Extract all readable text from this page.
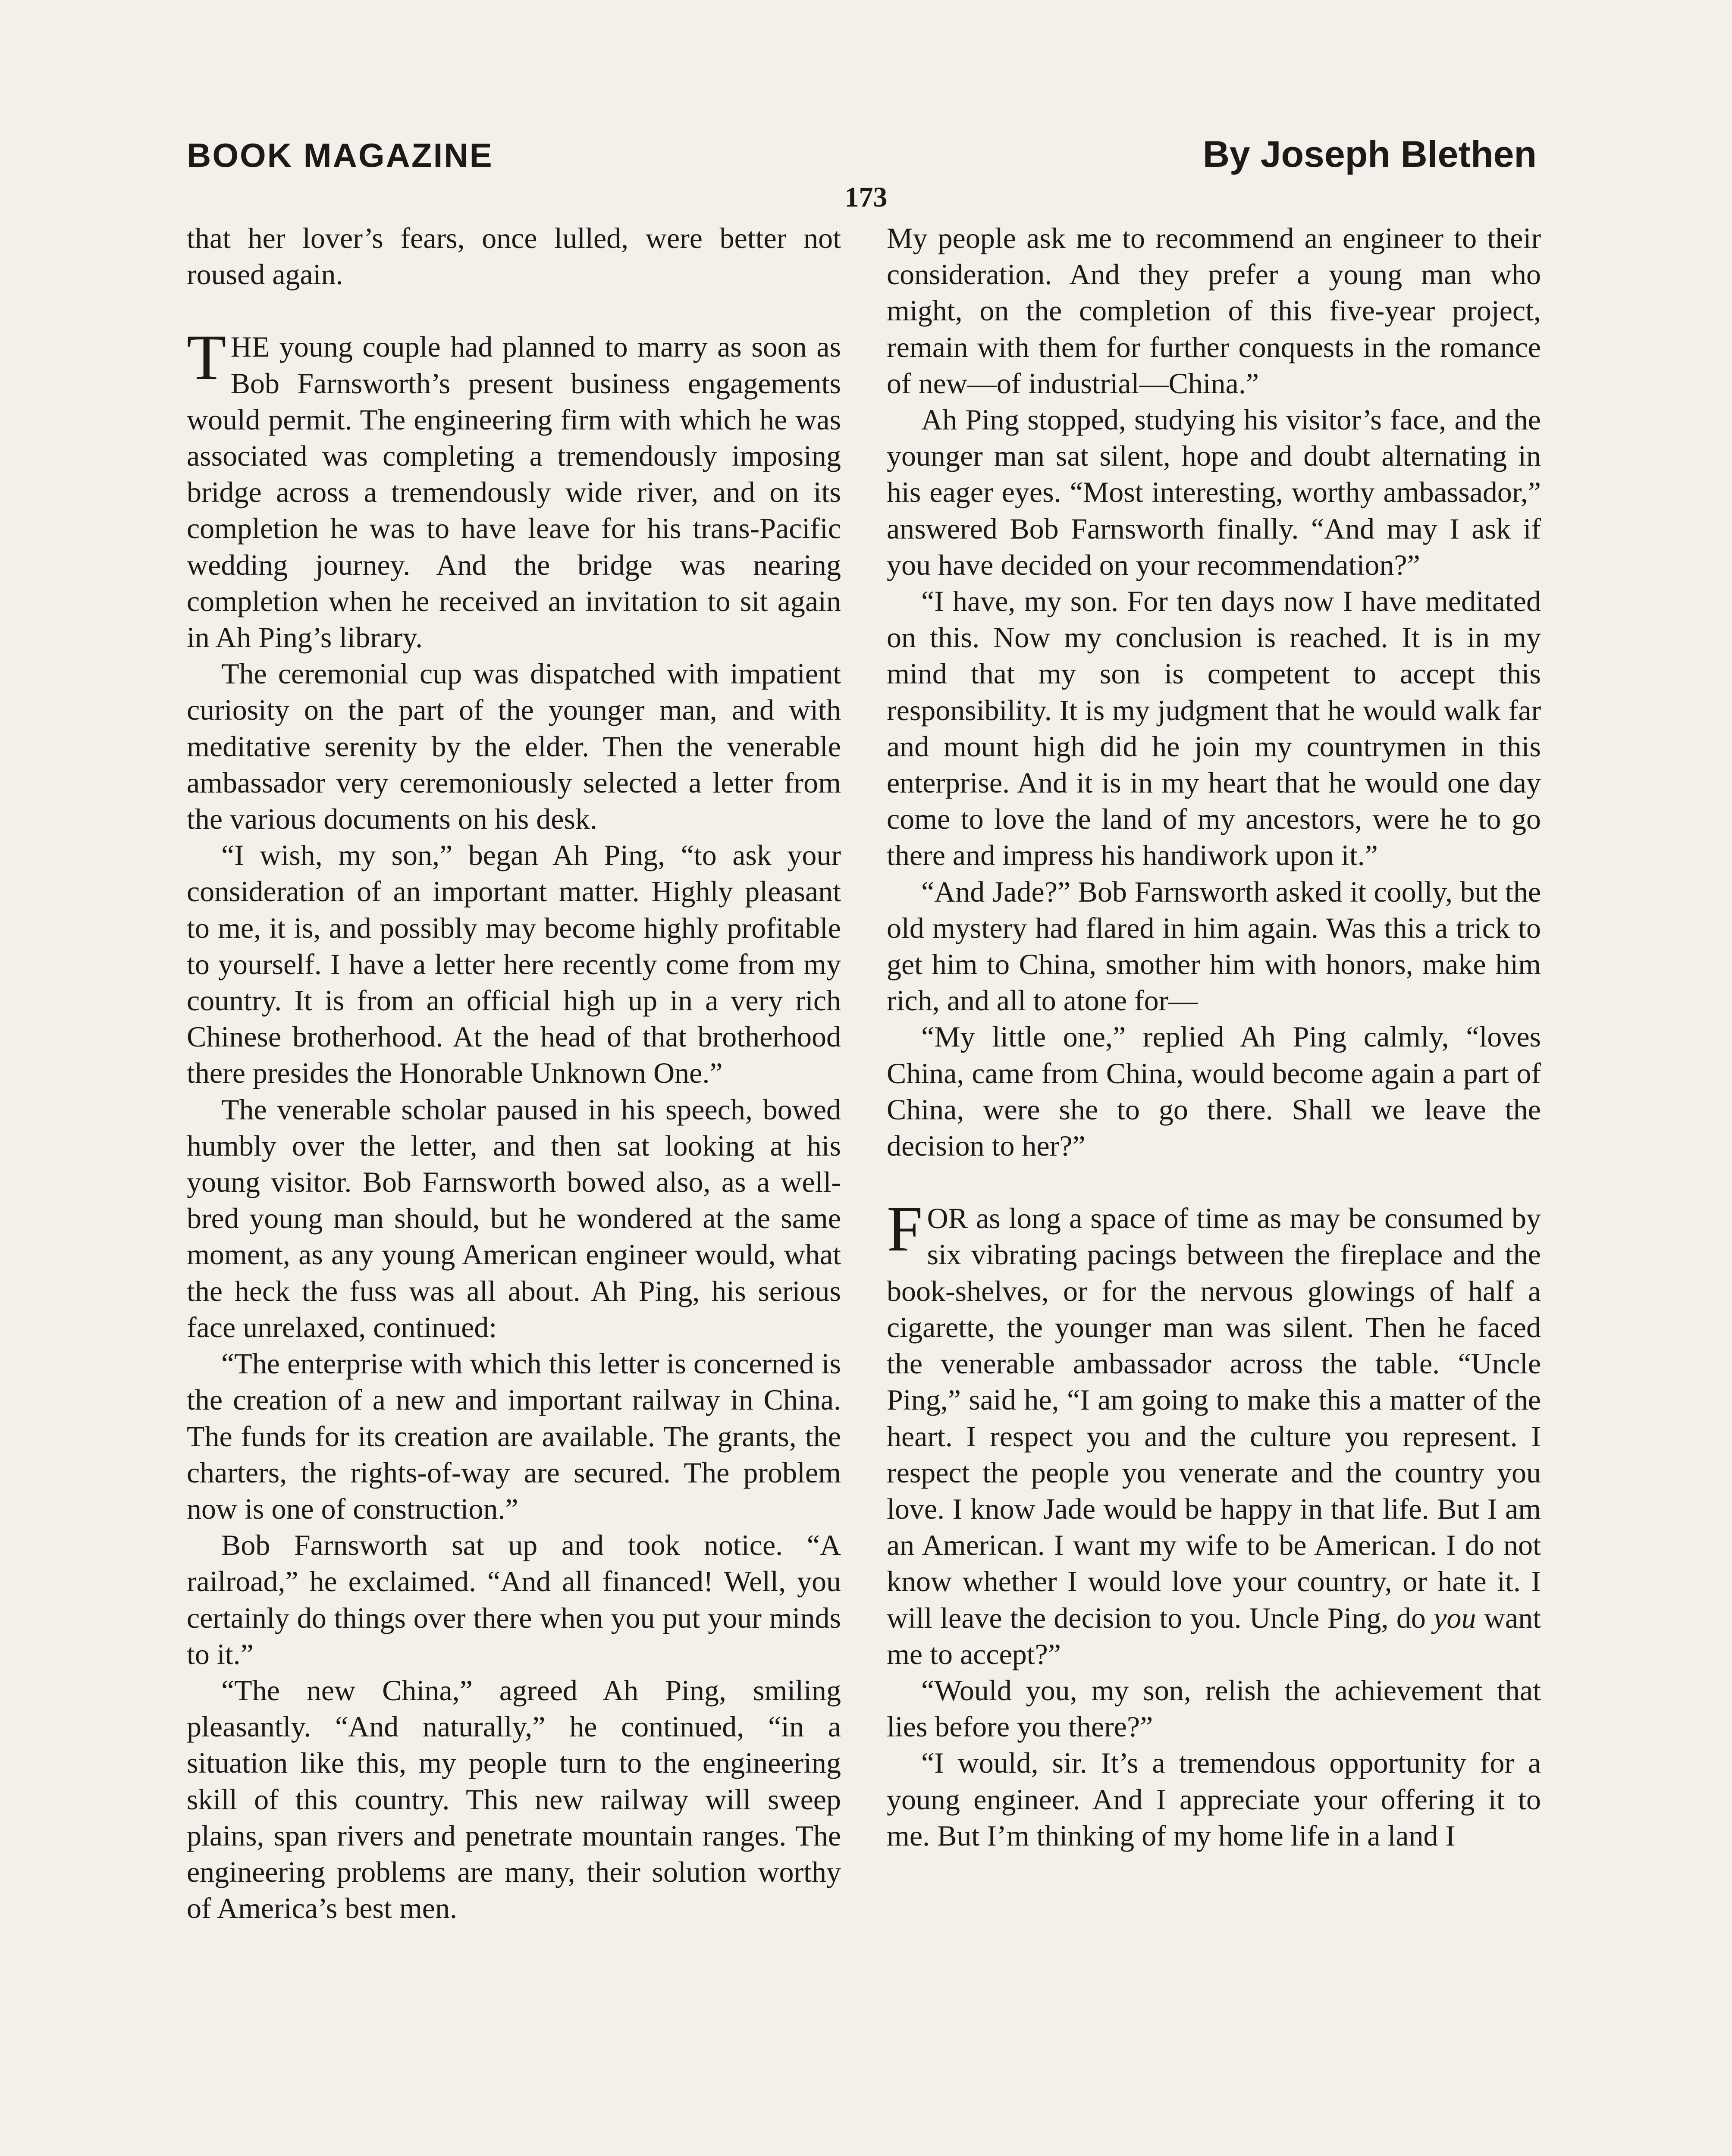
BOOK MAGAZINE	By Joseph Blethen
173

that her lover’s fears, once lulled, were better not roused again.

THE young couple had planned to marry as soon as Bob Farnsworth’s present business engagements would permit. The engineering firm with which he was associated was completing a tremendously imposing bridge across a tremendously wide river, and on its completion he was to have leave for his trans-Pacific wedding journey. And the bridge was nearing completion when he received an invitation to sit again in Ah Ping’s library.

The ceremonial cup was dispatched with impatient curiosity on the part of the younger man, and with meditative serenity by the elder. Then the venerable ambassador very ceremoniously selected a letter from the various documents on his desk.

“I wish, my son,” began Ah Ping, “to ask your consideration of an important matter. Highly pleasant to me, it is, and possibly may become highly profitable to yourself. I have a letter here recently come from my country. It is from an official high up in a very rich Chinese brotherhood. At the head of that brotherhood there presides the Honorable Unknown One.”

The venerable scholar paused in his speech, bowed humbly over the letter, and then sat looking at his young visitor. Bob Farnsworth bowed also, as a well-bred young man should, but he wondered at the same moment, as any young American engineer would, what the heck the fuss was all about. Ah Ping, his serious face unrelaxed, continued:

“The enterprise with which this letter is concerned is the creation of a new and important railway in China. The funds for its creation are available. The grants, the charters, the rights-of-way are secured. The problem now is one of construction.”

Bob Farnsworth sat up and took notice. “A railroad,” he exclaimed. “And all financed! Well, you certainly do things over there when you put your minds to it.”

“The new China,” agreed Ah Ping, smiling pleasantly. “And naturally,” he continued, “in a situation like this, my people turn to the engineering skill of this country. This new railway will sweep plains, span rivers and penetrate mountain ranges. The engineering problems are many, their solution worthy of America’s best men.

My people ask me to recommend an engineer to their consideration. And they prefer a young man who might, on the completion of this five-year project, remain with them for further conquests in the romance of new—of industrial—China.”

Ah Ping stopped, studying his visitor’s face, and the younger man sat silent, hope and doubt alternating in his eager eyes. “Most interesting, worthy ambassador,” answered Bob Farnsworth finally. “And may I ask if you have decided on your recommendation?”

“I have, my son. For ten days now I have meditated on this. Now my conclusion is reached. It is in my mind that my son is competent to accept this responsibility. It is my judgment that he would walk far and mount high did he join my countrymen in this enterprise. And it is in my heart that he would one day come to love the land of my ancestors, were he to go there and impress his handiwork upon it.”

“And Jade?” Bob Farnsworth asked it coolly, but the old mystery had flared in him again. Was this a trick to get him to China, smother him with honors, make him rich, and all to atone for—

“My little one,” replied Ah Ping calmly, “loves China, came from China, would become again a part of China, were she to go there. Shall we leave the decision to her?”

FOR as long a space of time as may be consumed by six vibrating pacings between the fireplace and the book-shelves, or for the nervous glowings of half a cigarette, the younger man was silent. Then he faced the venerable ambassador across the table. “Uncle Ping,” said he, “I am going to make this a matter of the heart. I respect you and the culture you represent. I respect the people you venerate and the country you love. I know Jade would be happy in that life. But I am an American. I want my wife to be American. I do not know whether I would love your country, or hate it. I will leave the decision to you. Uncle Ping, do you want me to accept?”

“Would you, my son, relish the achievement that lies before you there?”

“I would, sir. It’s a tremendous opportunity for a young engineer. And I appreciate your offering it to me. But I’m thinking of my home life in a land I
